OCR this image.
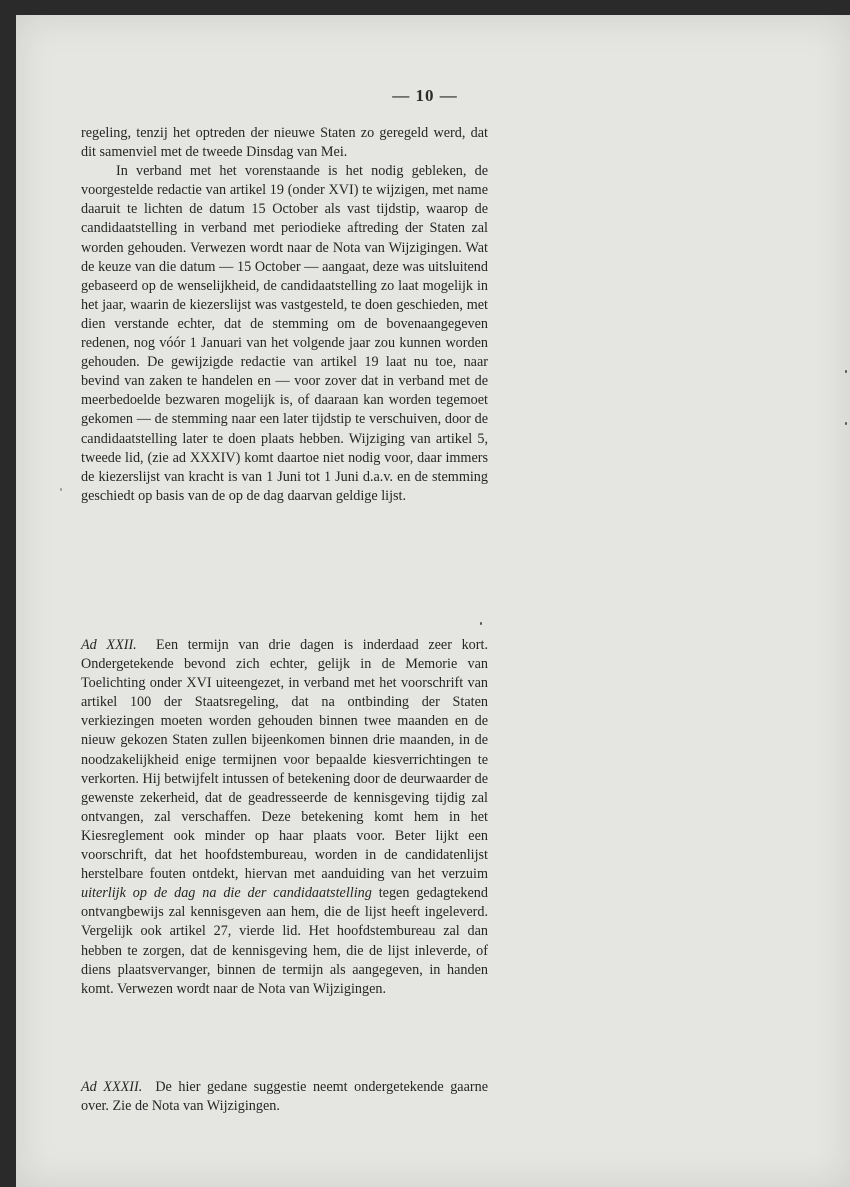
— 10 —

regeling, tenzij het optreden der nieuwe Staten zo geregeld werd, dat dit samenviel met de tweede Dinsdag van Mei.

In verband met het vorenstaande is het nodig gebleken, de voorgestelde redactie van artikel 19 (onder XVI) te wijzigen, met name daaruit te lichten de datum 15 October als vast tijdstip, waarop de candidaatstelling in verband met periodieke aftreding der Staten zal worden gehouden. Verwezen wordt naar de Nota van Wijzigingen. Wat de keuze van die datum — 15 October — aangaat, deze was uitsluitend gebaseerd op de wenselijkheid, de candidaatstelling zo laat mogelijk in het jaar, waarin de kiezerslijst was vastgesteld, te doen geschieden, met dien verstande echter, dat de stemming om de bovenaangegeven redenen, nog vóór 1 Januari van het volgende jaar zou kunnen worden gehouden. De gewijzigde redactie van artikel 19 laat nu toe, naar bevind van zaken te handelen en — voor zover dat in verband met de meerbedoelde bezwaren mogelijk is, of daaraan kan worden tegemoet gekomen — de stemming naar een later tijdstip te verschuiven, door de candidaatstelling later te doen plaats hebben. Wijziging van artikel 5, tweede lid, (zie ad XXXIV) komt daartoe niet nodig voor, daar immers de kiezerslijst van kracht is van 1 Juni tot 1 Juni d.a.v. en de stemming geschiedt op basis van de op de dag daarvan geldige lijst.

Ad XXII. Een termijn van drie dagen is inderdaad zeer kort. Ondergetekende bevond zich echter, gelijk in de Memorie van Toelichting onder XVI uiteengezet, in verband met het voorschrift van artikel 100 der Staatsregeling, dat na ontbinding der Staten verkiezingen moeten worden gehouden binnen twee maanden en de nieuw gekozen Staten zullen bijeenkomen binnen drie maanden, in de noodzakelijkheid enige termijnen voor bepaalde kiesverrichtingen te verkorten. Hij betwijfelt intussen of betekening door de deurwaarder de gewenste zekerheid, dat de geadresseerde de kennisgeving tijdig zal ontvangen, zal verschaffen. Deze betekening komt hem in het Kiesreglement ook minder op haar plaats voor. Beter lijkt een voorschrift, dat het hoofdstembureau, worden in de candidatenlijst herstelbare fouten ontdekt, hiervan met aanduiding van het verzuim uiterlijk op de dag na die der candidaatstelling tegen gedagtekend ontvangbewijs zal kennisgeven aan hem, die de lijst heeft ingeleverd. Vergelijk ook artikel 27, vierde lid. Het hoofdstembureau zal dan hebben te zorgen, dat de kennisgeving hem, die de lijst inleverde, of diens plaatsvervanger, binnen de termijn als aangegeven, in handen komt. Verwezen wordt naar de Nota van Wijzigingen.

Ad XXXII. De hier gedane suggestie neemt ondergetekende gaarne over. Zie de Nota van Wijzigingen.
